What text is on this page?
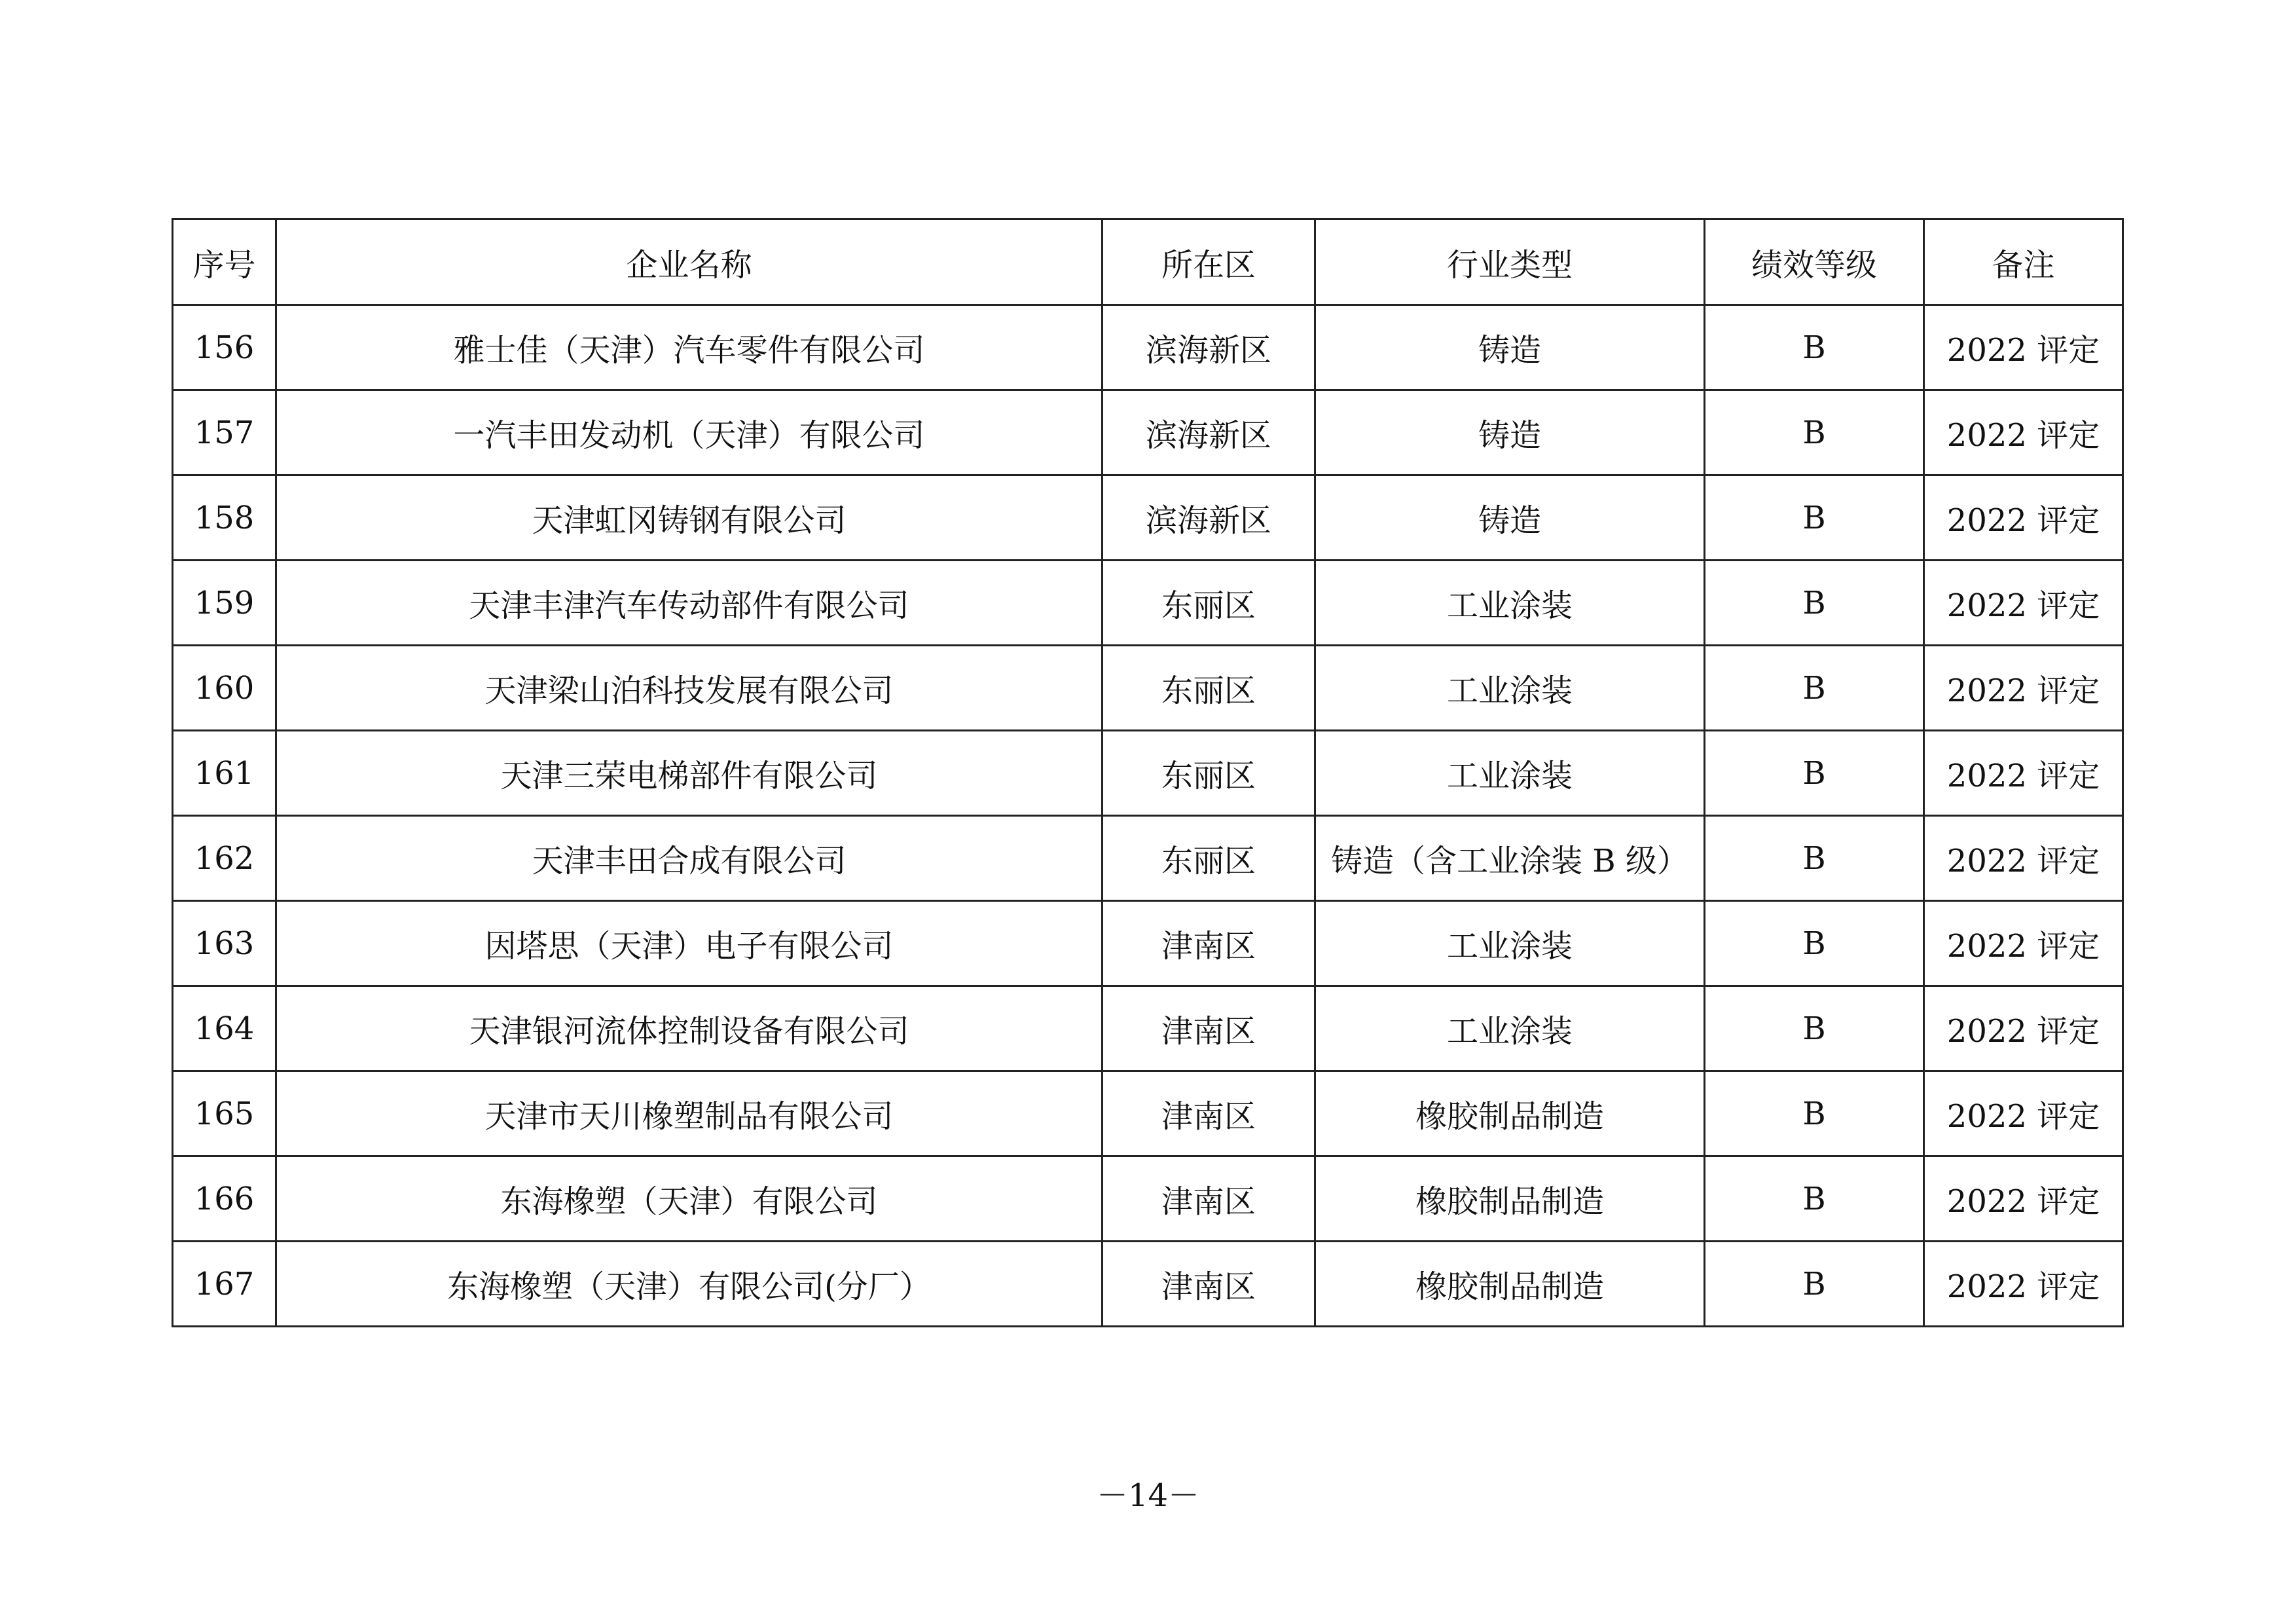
序号	企业名称	所在区	行业类型	绩效等级	备注
156	雅士佳（天津）汽车零件有限公司	滨海新区	铸造	B	2022 评定
157	一汽丰田发动机（天津）有限公司	滨海新区	铸造	B	2022 评定
158	天津虹冈铸钢有限公司	滨海新区	铸造	B	2022 评定
159	天津丰津汽车传动部件有限公司	东丽区	工业涂装	B	2022 评定
160	天津梁山泊科技发展有限公司	东丽区	工业涂装	B	2022 评定
161	天津三荣电梯部件有限公司	东丽区	工业涂装	B	2022 评定
162	天津丰田合成有限公司	东丽区	铸造（含工业涂装 B 级）	B	2022 评定
163	因塔思（天津）电子有限公司	津南区	工业涂装	B	2022 评定
164	天津银河流体控制设备有限公司	津南区	工业涂装	B	2022 评定
165	天津市天川橡塑制品有限公司	津南区	橡胶制品制造	B	2022 评定
166	东海橡塑（天津）有限公司	津南区	橡胶制品制造	B	2022 评定
167	东海橡塑（天津）有限公司(分厂）	津南区	橡胶制品制造	B	2022 评定
－14－
